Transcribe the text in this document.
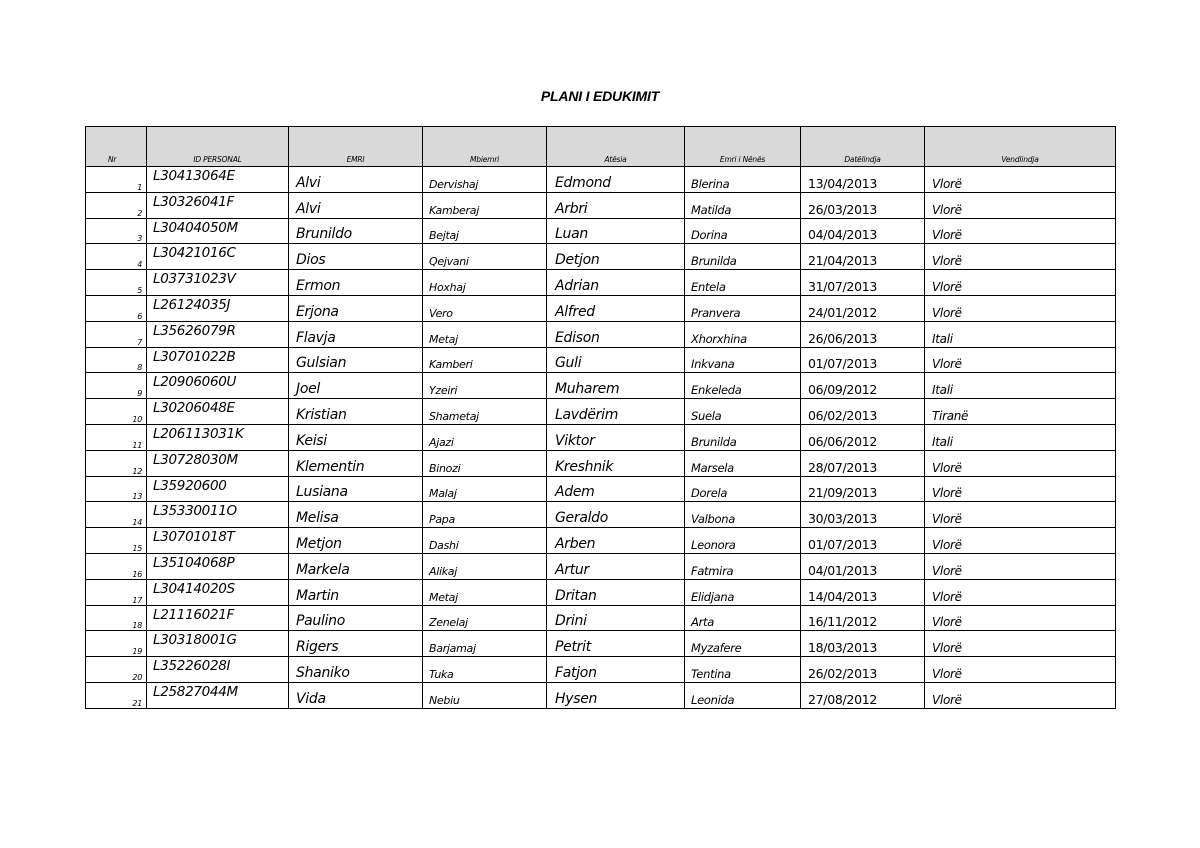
PLANI I EDUKIMIT
Nr	ID PERSONAL	EMRI	Mbiemri	Atësia	Emri i Nënës	Datëlindja	Vendlindja
1	L30413064E	Alvi	Dervishaj	Edmond	Blerina	13/04/2013	Vlorë
2	L30326041F	Alvi	Kamberaj	Arbri	Matilda	26/03/2013	Vlorë
3	L30404050M	Brunildo	Bejtaj	Luan	Dorina	04/04/2013	Vlorë
4	L30421016C	Dios	Qejvani	Detjon	Brunilda	21/04/2013	Vlorë
5	L03731023V	Ermon	Hoxhaj	Adrian	Entela	31/07/2013	Vlorë
6	L26124035J	Erjona	Vero	Alfred	Pranvera	24/01/2012	Vlorë
7	L35626079R	Flavja	Metaj	Edison	Xhorxhina	26/06/2013	Itali
8	L30701022B	Gulsian	Kamberi	Guli	Inkvana	01/07/2013	Vlorë
9	L20906060U	Joel	Yzeiri	Muharem	Enkeleda	06/09/2012	Itali
10	L30206048E	Kristian	Shametaj	Lavdërim	Suela	06/02/2013	Tiranë
11	L206113031K	Keisi	Ajazi	Viktor	Brunilda	06/06/2012	Itali
12	L30728030M	Klementin	Binozi	Kreshnik	Marsela	28/07/2013	Vlorë
13	L35920600	Lusiana	Malaj	Adem	Dorela	21/09/2013	Vlorë
14	L35330011O	Melisa	Papa	Geraldo	Valbona	30/03/2013	Vlorë
15	L30701018T	Metjon	Dashi	Arben	Leonora	01/07/2013	Vlorë
16	L35104068P	Markela	Alikaj	Artur	Fatmira	04/01/2013	Vlorë
17	L30414020S	Martin	Metaj	Dritan	Elidjana	14/04/2013	Vlorë
18	L21116021F	Paulino	Zenelaj	Drini	Arta	16/11/2012	Vlorë
19	L30318001G	Rigers	Barjamaj	Petrit	Myzafere	18/03/2013	Vlorë
20	L35226028I	Shaniko	Tuka	Fatjon	Tentina	26/02/2013	Vlorë
21	L25827044M	Vida	Nebiu	Hysen	Leonida	27/08/2012	Vlorë
